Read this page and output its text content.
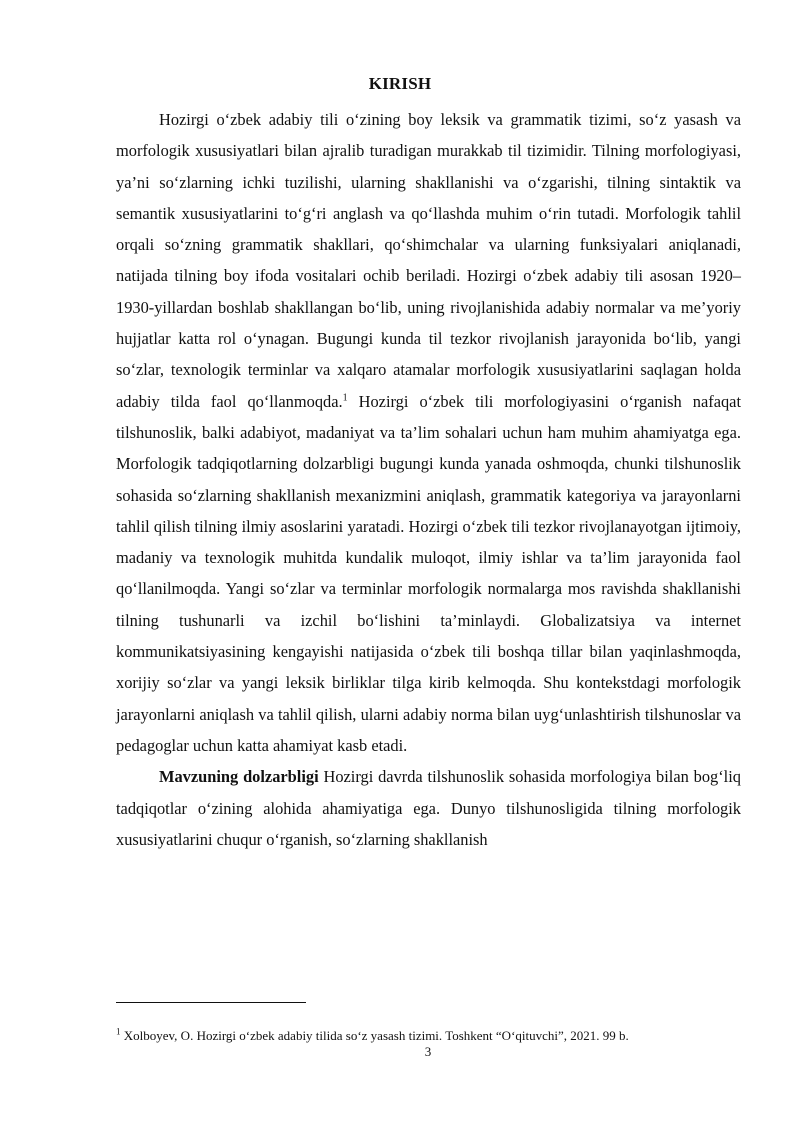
KIRISH

Hozirgi o‘zbek adabiy tili o‘zining boy leksik va grammatik tizimi, so‘z yasash va morfologik xususiyatlari bilan ajralib turadigan murakkab til tizimidir. Tilning morfologiyasi, ya’ni so‘zlarning ichki tuzilishi, ularning shakllanishi va o‘zgarishi, tilning sintaktik va semantik xususiyatlarini to‘g‘ri anglash va qo‘llashda muhim o‘rin tutadi. Morfologik tahlil orqali so‘zning grammatik shakllari, qo‘shimchalar va ularning funksiyalari aniqlanadi, natijada tilning boy ifoda vositalari ochib beriladi. Hozirgi o‘zbek adabiy tili asosan 1920–1930-yillardan boshlab shakllangan bo‘lib, uning rivojlanishida adabiy normalar va me’yoriy hujjatlar katta rol o‘ynagan. Bugungi kunda til tezkor rivojlanish jarayonida bo‘lib, yangi so‘zlar, texnologik terminlar va xalqaro atamalar morfologik xususiyatlarini saqlagan holda adabiy tilda faol qo‘llanmoqda.$^1$ Hozirgi o‘zbek tili morfologiyasini o‘rganish nafaqat tilshunoslik, balki adabiyot, madaniyat va ta’lim sohalari uchun ham muhim ahamiyatga ega. Morfologik tadqiqotlarning dolzarbligi bugungi kunda yanada oshmoqda, chunki tilshunoslik sohasida so‘zlarning shakllanish mexanizmini aniqlash, grammatik kategoriya va jarayonlarni tahlil qilish tilning ilmiy asoslarini yaratadi. Hozirgi o‘zbek tili tezkor rivojlanayotgan ijtimoiy, madaniy va texnologik muhitda kundalik muloqot, ilmiy ishlar va ta’lim jarayonida faol qo‘llanilmoqda. Yangi so‘zlar va terminlar morfologik normalarga mos ravishda shakllanishi tilning tushunarli va izchil bo‘lishini ta’minlaydi. Globalizatsiya va internet kommunikatsiyasining kengayishi natijasida o‘zbek tili boshqa tillar bilan yaqinlashmoqda, xorijiy so‘zlar va yangi leksik birliklar tilga kirib kelmoqda. Shu kontekstdagi morfologik jarayonlarni aniqlash va tahlil qilish, ularni adabiy norma bilan uyg‘unlashtirish tilshunoslar va pedagoglar uchun katta ahamiyat kasb etadi.

Mavzuning dolzarbligi Hozirgi davrda tilshunoslik sohasida morfologiya bilan bog‘liq tadqiqotlar o‘zining alohida ahamiyatiga ega. Dunyo tilshunosligida tilning morfologik xususiyatlarini chuqur o‘rganish, so‘zlarning shakllanish

$^1$ Xolboyev, O. Hozirgi o‘zbek adabiy tilida so‘z yasash tizimi. Toshkent “O‘qituvchi”, 2021. 99 b.

3
